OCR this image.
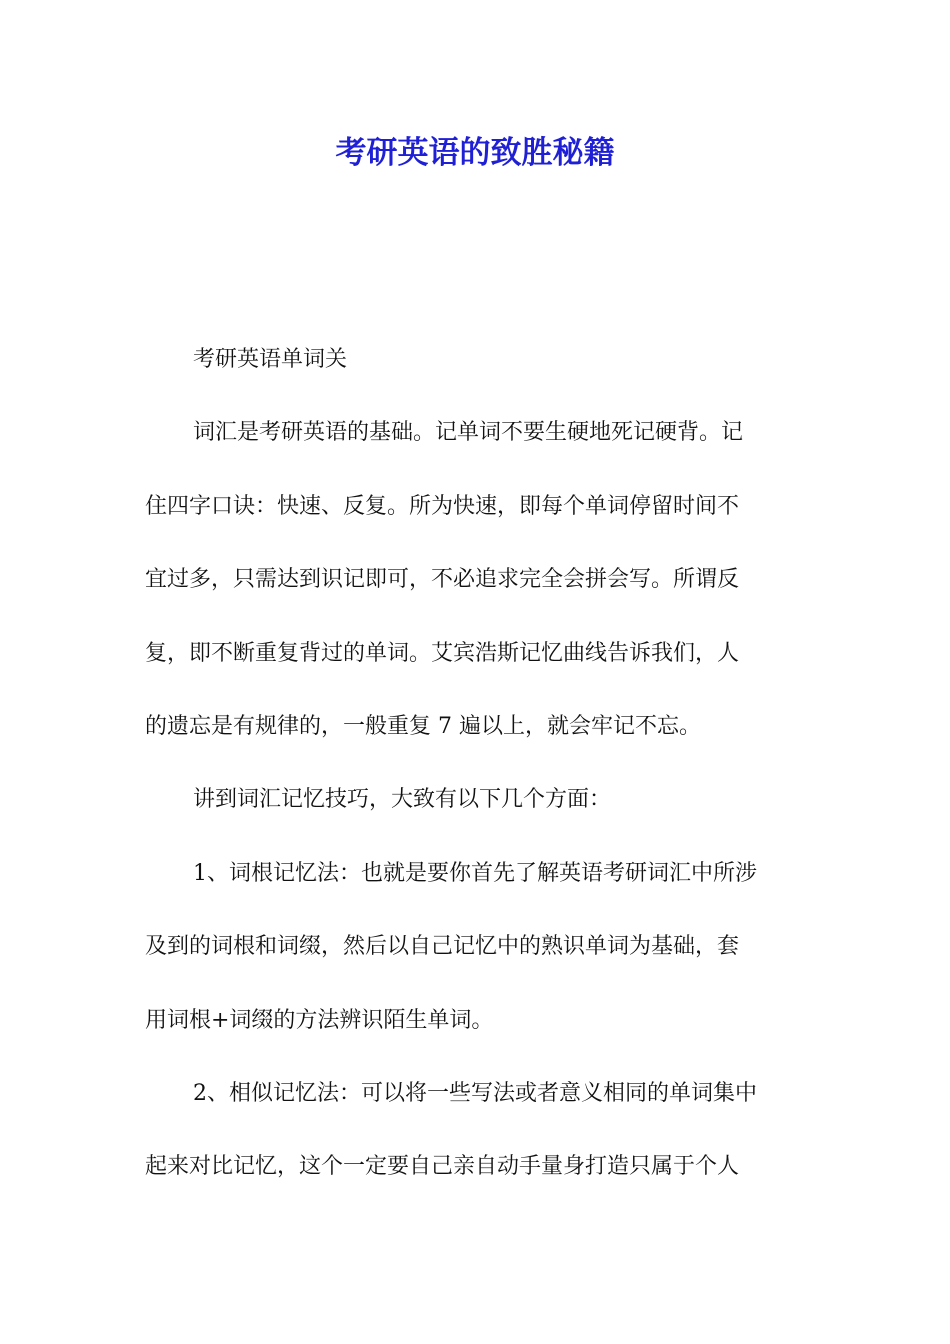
考研英语的致胜秘籍
考研英语单词关
词汇是考研英语的基础。记单词不要生硬地死记硬背。记
住四字口诀：快速、反复。所为快速，即每个单词停留时间不
宜过多，只需达到识记即可，不必追求完全会拼会写。所谓反
复，即不断重复背过的单词。艾宾浩斯记忆曲线告诉我们，人
的遗忘是有规律的，一般重复 7 遍以上，就会牢记不忘。
讲到词汇记忆技巧，大致有以下几个方面：
1、词根记忆法：也就是要你首先了解英语考研词汇中所涉
及到的词根和词缀，然后以自己记忆中的熟识单词为基础，套
用词根+词缀的方法辨识陌生单词。
2、相似记忆法：可以将一些写法或者意义相同的单词集中
起来对比记忆，这个一定要自己亲自动手量身打造只属于个人
